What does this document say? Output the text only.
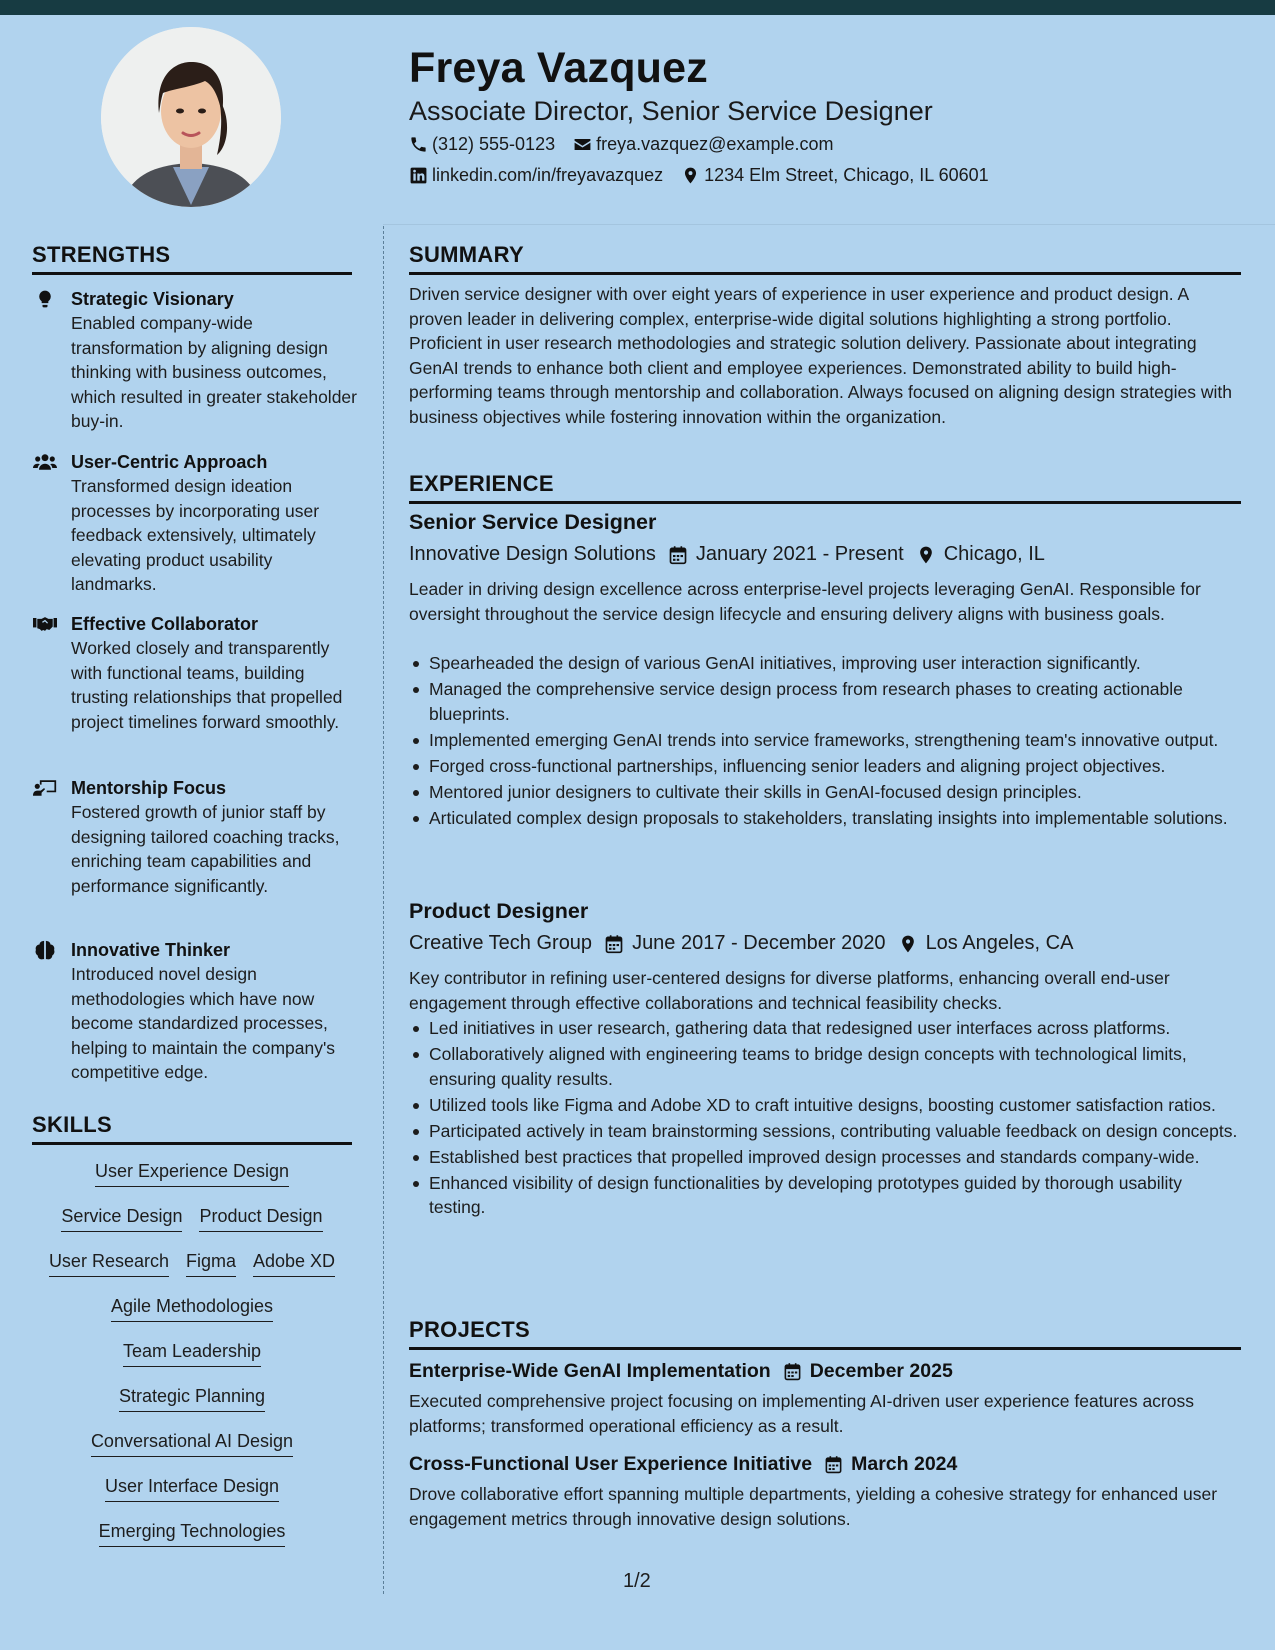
Freya Vazquez
Associate Director, Senior Service Designer
(312) 555-0123 freya.vazquez@example.com
linkedin.com/in/freyavazquez 1234 Elm Street, Chicago, IL 60601
STRENGTHS
Strategic Visionary
Enabled company-wide transformation by aligning design thinking with business outcomes, which resulted in greater stakeholder buy-in.
User-Centric Approach
Transformed design ideation processes by incorporating user feedback extensively, ultimately elevating product usability landmarks.
Effective Collaborator
Worked closely and transparently with functional teams, building trusting relationships that propelled project timelines forward smoothly.
Mentorship Focus
Fostered growth of junior staff by designing tailored coaching tracks, enriching team capabilities and performance significantly.
Innovative Thinker
Introduced novel design methodologies which have now become standardized processes, helping to maintain the company's competitive edge.
SKILLS
User Experience Design
Service Design Product Design
User Research Figma Adobe XD
Agile Methodologies
Team Leadership
Strategic Planning
Conversational AI Design
User Interface Design
Emerging Technologies
SUMMARY
Driven service designer with over eight years of experience in user experience and product design. A proven leader in delivering complex, enterprise-wide digital solutions highlighting a strong portfolio. Proficient in user research methodologies and strategic solution delivery. Passionate about integrating GenAI trends to enhance both client and employee experiences. Demonstrated ability to build high-performing teams through mentorship and collaboration. Always focused on aligning design strategies with business objectives while fostering innovation within the organization.
EXPERIENCE
Senior Service Designer
Innovative Design Solutions January 2021 - Present Chicago, IL
Leader in driving design excellence across enterprise-level projects leveraging GenAI. Responsible for oversight throughout the service design lifecycle and ensuring delivery aligns with business goals.
Spearheaded the design of various GenAI initiatives, improving user interaction significantly.
Managed the comprehensive service design process from research phases to creating actionable blueprints.
Implemented emerging GenAI trends into service frameworks, strengthening team's innovative output.
Forged cross-functional partnerships, influencing senior leaders and aligning project objectives.
Mentored junior designers to cultivate their skills in GenAI-focused design principles.
Articulated complex design proposals to stakeholders, translating insights into implementable solutions.
Product Designer
Creative Tech Group June 2017 - December 2020 Los Angeles, CA
Key contributor in refining user-centered designs for diverse platforms, enhancing overall end-user engagement through effective collaborations and technical feasibility checks.
Led initiatives in user research, gathering data that redesigned user interfaces across platforms.
Collaboratively aligned with engineering teams to bridge design concepts with technological limits, ensuring quality results.
Utilized tools like Figma and Adobe XD to craft intuitive designs, boosting customer satisfaction ratios.
Participated actively in team brainstorming sessions, contributing valuable feedback on design concepts.
Established best practices that propelled improved design processes and standards company-wide.
Enhanced visibility of design functionalities by developing prototypes guided by thorough usability testing.
PROJECTS
Enterprise-Wide GenAI Implementation December 2025
Executed comprehensive project focusing on implementing AI-driven user experience features across platforms; transformed operational efficiency as a result.
Cross-Functional User Experience Initiative March 2024
Drove collaborative effort spanning multiple departments, yielding a cohesive strategy for enhanced user engagement metrics through innovative design solutions.
1/2
